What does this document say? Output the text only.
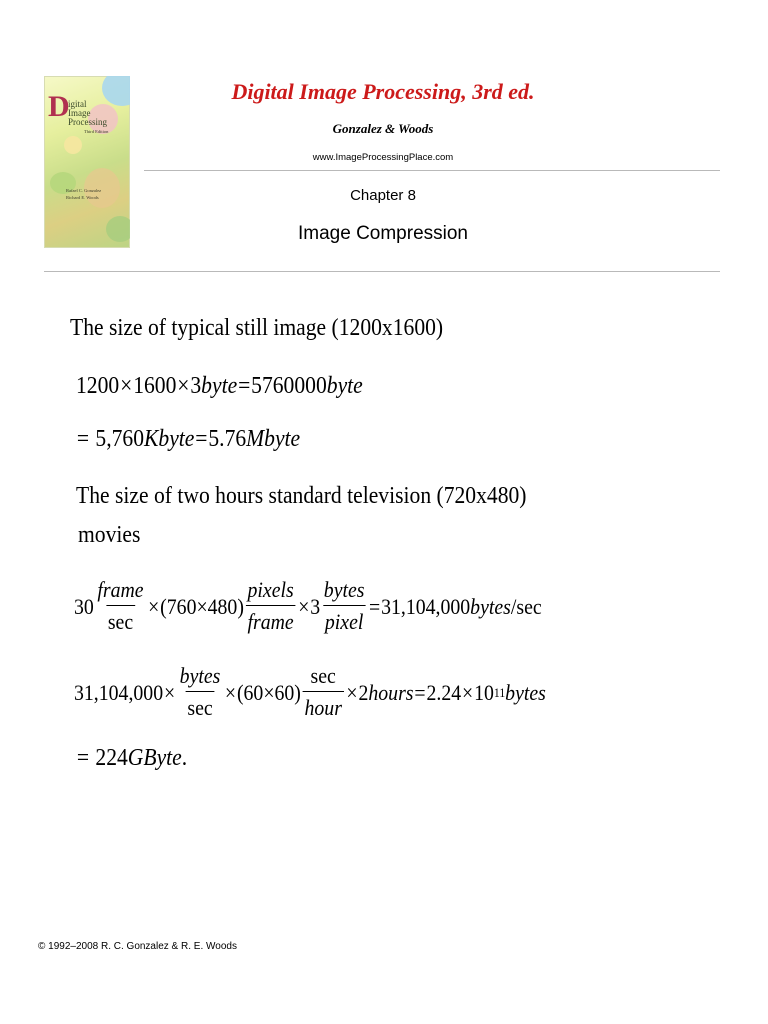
D
igital
Image
Processing
Third Edition
Rafael C. Gonzalez
Richard E. Woods
Digital Image Processing, 3rd ed.
Gonzalez & Woods
www.ImageProcessingPlace.com
Chapter 8
Image Compression
The size of typical still image (1200x1600)
1200×1600×3byte=5760000byte
= 5,760Kbyte=5.76Mbyte
The size of two hours standard television (720x480)
movies
$30 \frac{\text{frame}}{\sec} \times (760\times 480) \frac{\text{pixels}}{\text{frame}} \times 3 \frac{\text{bytes}}{\text{pixel}} = 31,104,000$ bytes / sec
$31,104,000 \times \frac{\text{bytes}}{\sec} \times (60\times 60) \frac{\sec}{\text{hour}} \times 2$ hours = 2.24 × 10 11 bytes
= 224GByte.
© 1992–2008 R. C. Gonzalez & R. E. Woods
